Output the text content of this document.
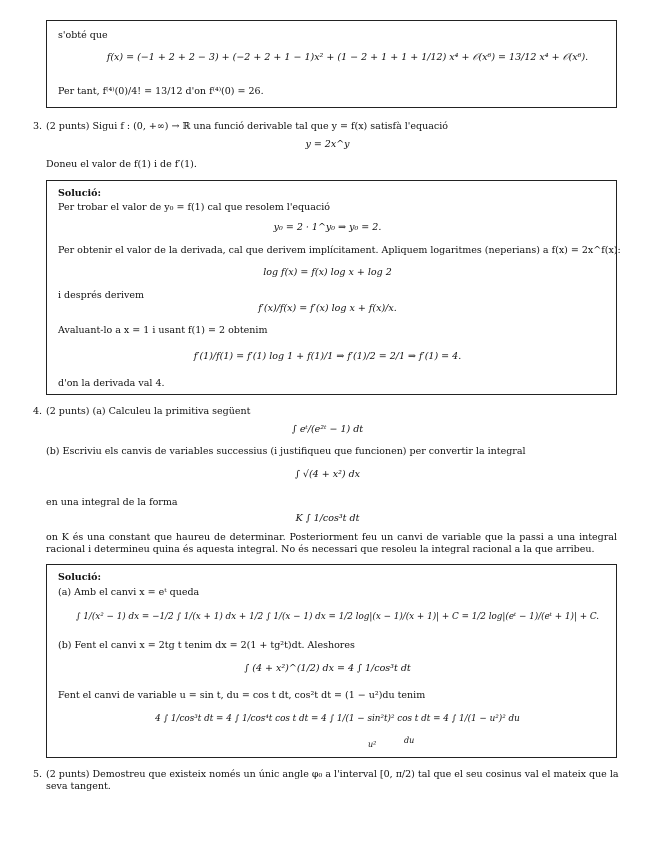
s'obté que
f(x) = (−1 + 2 + 2 − 3) + (−2 + 2 + 1 − 1)x² + (1 − 2 + 1 + 1 + 1/12) x⁴ + 𝒪(x⁶) = 13/12 x⁴ + 𝒪(x⁶).
Per tant, f⁽⁴⁾(0)/4! = 13/12 d'on f⁽⁴⁾(0) = 26.
3. (2 punts) Sigui f : (0, +∞) → ℝ una funció derivable tal que y = f(x) satisfà l'equació
y = 2x^y
Doneu el valor de f(1) i de f′(1).
Solució:
Per trobar el valor de y₀ = f(1) cal que resolem l'equació
y₀ = 2 · 1^y₀ ⇒ y₀ = 2.
Per obtenir el valor de la derivada, cal que derivem implícitament. Apliquem logaritmes (neperians) a f(x) = 2x^f(x):
log f(x) = f(x) log x + log 2
i després derivem
f′(x)/f(x) = f′(x) log x + f(x)/x.
Avaluant-lo a x = 1 i usant f(1) = 2 obtenim
f′(1)/f(1) = f′(1) log 1 + f(1)/1 ⇒ f′(1)/2 = 2/1 ⇒ f′(1) = 4.
d'on la derivada val 4.
4. (2 punts) (a) Calculeu la primitiva següent
∫ eᵗ/(e²ᵗ − 1) dt
(b) Escriviu els canvis de variables successius (i justifiqueu que funcionen) per convertir la integral
∫ √(4 + x²) dx
en una integral de la forma
K ∫ 1/cos³t dt
on K és una constant que haureu de determinar. Posteriorment feu un canvi de variable que la passi a una integral racional i determineu quina és aquesta integral. No és necessari que resoleu la integral racional a la que arribeu.
Solució:
(a) Amb el canvi x = eᵗ queda
∫ 1/(x² − 1) dx = −1/2 ∫ 1/(x + 1) dx + 1/2 ∫ 1/(x − 1) dx = 1/2 log|(x − 1)/(x + 1)| + C = 1/2 log|(eᵗ − 1)/(eᵗ + 1)| + C.
(b) Fent el canvi x = 2tg t tenim dx = 2(1 + tg²t)dt. Aleshores
∫ (4 + x²)^(1/2) dx = 4 ∫ 1/cos³t dt
Fent el canvi de variable u = sin t, du = cos t dt, cos²t dt = (1 − u²)du tenim
4 ∫ 1/cos³t dt = 4 ∫ 1/cos⁴t cos t dt = 4 ∫ 1/(1 − sin²t)² cos t dt = 4 ∫ 1/(1 − u²)² du
u²	du
5. (2 punts) Demostreu que existeix només un únic angle φ₀ a l'interval [0, π/2) tal que el seu cosinus val el mateix que la seva tangent.
